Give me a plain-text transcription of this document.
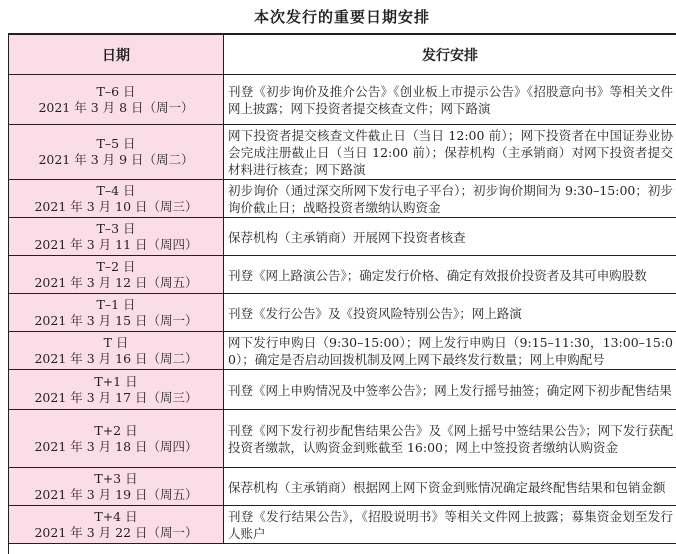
本次发行的重要日期安排
日期	发行安排

T–6 日
2021 年 3 月 8 日（周一）	刊登《初步询价及推介公告》《创业板上市提示公告》《招股意向书》等相关文件网上披露；网下投资者提交核查文件；网下路演

T–5 日
2021 年 3 月 9 日（周二）	网下投资者提交核查文件截止日（当日 12:00 前）；网下投资者在中国证券业协会完成注册截止日（当日 12:00 前）；保荐机构（主承销商）对网下投资者提交材料进行核查；网下路演

T–4 日
2021 年 3 月 10 日（周三）	初步询价（通过深交所网下发行电子平台）；初步询价期间为 9:30–15:00；初步询价截止日；战略投资者缴纳认购资金

T–3 日
2021 年 3 月 11 日（周四）	保荐机构（主承销商）开展网下投资者核查

T–2 日
2021 年 3 月 12 日（周五）	刊登《网上路演公告》；确定发行价格、确定有效报价投资者及其可申购股数

T–1 日
2021 年 3 月 15 日（周一）	刊登《发行公告》及《投资风险特别公告》；网上路演

T 日
2021 年 3 月 16 日（周二）	网下发行申购日（9:30–15:00）；网上发行申购日（9:15–11:30，13:00–15:00）；确定是否启动回拨机制及网上网下最终发行数量；网上申购配号

T+1 日
2021 年 3 月 17 日（周三）	刊登《网上申购情况及中签率公告》；网上发行摇号抽签；确定网下初步配售结果

T+2 日
2021 年 3 月 18 日（周四）	刊登《网下发行初步配售结果公告》及《网上摇号中签结果公告》；网下发行获配投资者缴款，认购资金到账截至 16:00；网上中签投资者缴纳认购资金

T+3 日
2021 年 3 月 19 日（周五）	保荐机构（主承销商）根据网上网下资金到账情况确定最终配售结果和包销金额

T+4 日
2021 年 3 月 22 日（周一）	刊登《发行结果公告》，《招股说明书》等相关文件网上披露；募集资金划至发行人账户
